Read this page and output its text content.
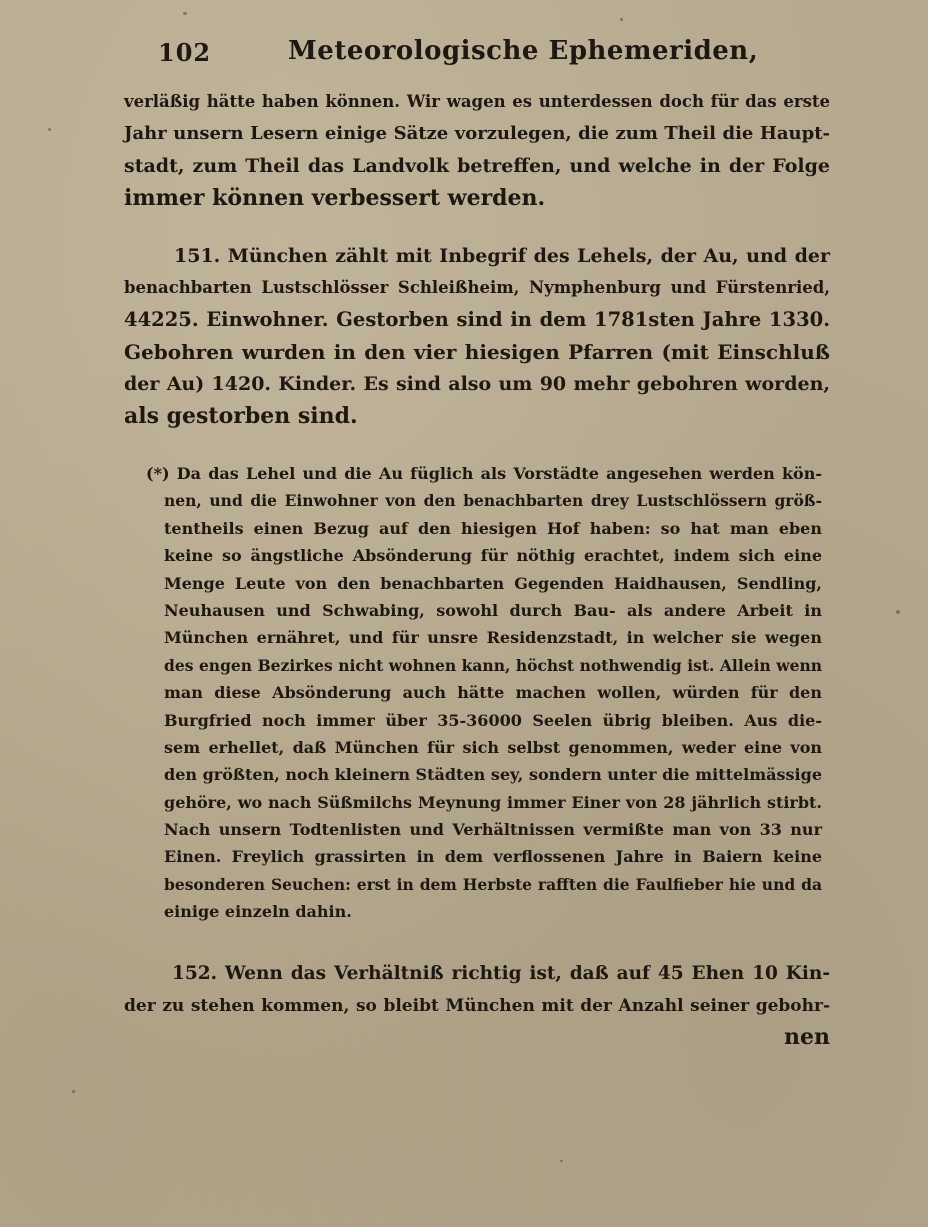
102	Meteorologische Ephemeriden,
verläßig hätte haben können. Wir wagen es unterdessen doch für das erste
Jahr unsern Lesern einige Sätze vorzulegen, die zum Theil die Haupt-
stadt, zum Theil das Landvolk betreffen, und welche in der Folge
immer können verbessert werden.
151. München zählt mit Inbegrif des Lehels, der Au, und der
benachbarten Lustschlösser Schleißheim, Nymphenburg und Fürstenried,
44225. Einwohner. Gestorben sind in dem 1781sten Jahre 1330.
Gebohren wurden in den vier hiesigen Pfarren (mit Einschluß
der Au) 1420. Kinder. Es sind also um 90 mehr gebohren worden,
als gestorben sind.
(*) Da das Lehel und die Au füglich als Vorstädte angesehen werden kön-
nen, und die Einwohner von den benachbarten drey Lustschlössern größ-
tentheils einen Bezug auf den hiesigen Hof haben: so hat man eben
keine so ängstliche Absönderung für nöthig erachtet, indem sich eine
Menge Leute von den benachbarten Gegenden Haidhausen, Sendling,
Neuhausen und Schwabing, sowohl durch Bau- als andere Arbeit in
München ernähret, und für unsre Residenzstadt, in welcher sie wegen
des engen Bezirkes nicht wohnen kann, höchst nothwendig ist. Allein wenn
man diese Absönderung auch hätte machen wollen, würden für den
Burgfried noch immer über 35-36000 Seelen übrig bleiben. Aus die-
sem erhellet, daß München für sich selbst genommen, weder eine von
den größten, noch kleinern Städten sey, sondern unter die mittelmässige
gehöre, wo nach Süßmilchs Meynung immer Einer von 28 jährlich stirbt.
Nach unsern Todtenlisten und Verhältnissen vermißte man von 33 nur
Einen. Freylich grassirten in dem verflossenen Jahre in Baiern keine
besonderen Seuchen: erst in dem Herbste rafften die Faulfieber hie und da
einige einzeln dahin.
152. Wenn das Verhältniß richtig ist, daß auf 45 Ehen 10 Kin-
der zu stehen kommen, so bleibt München mit der Anzahl seiner gebohr-
nen
